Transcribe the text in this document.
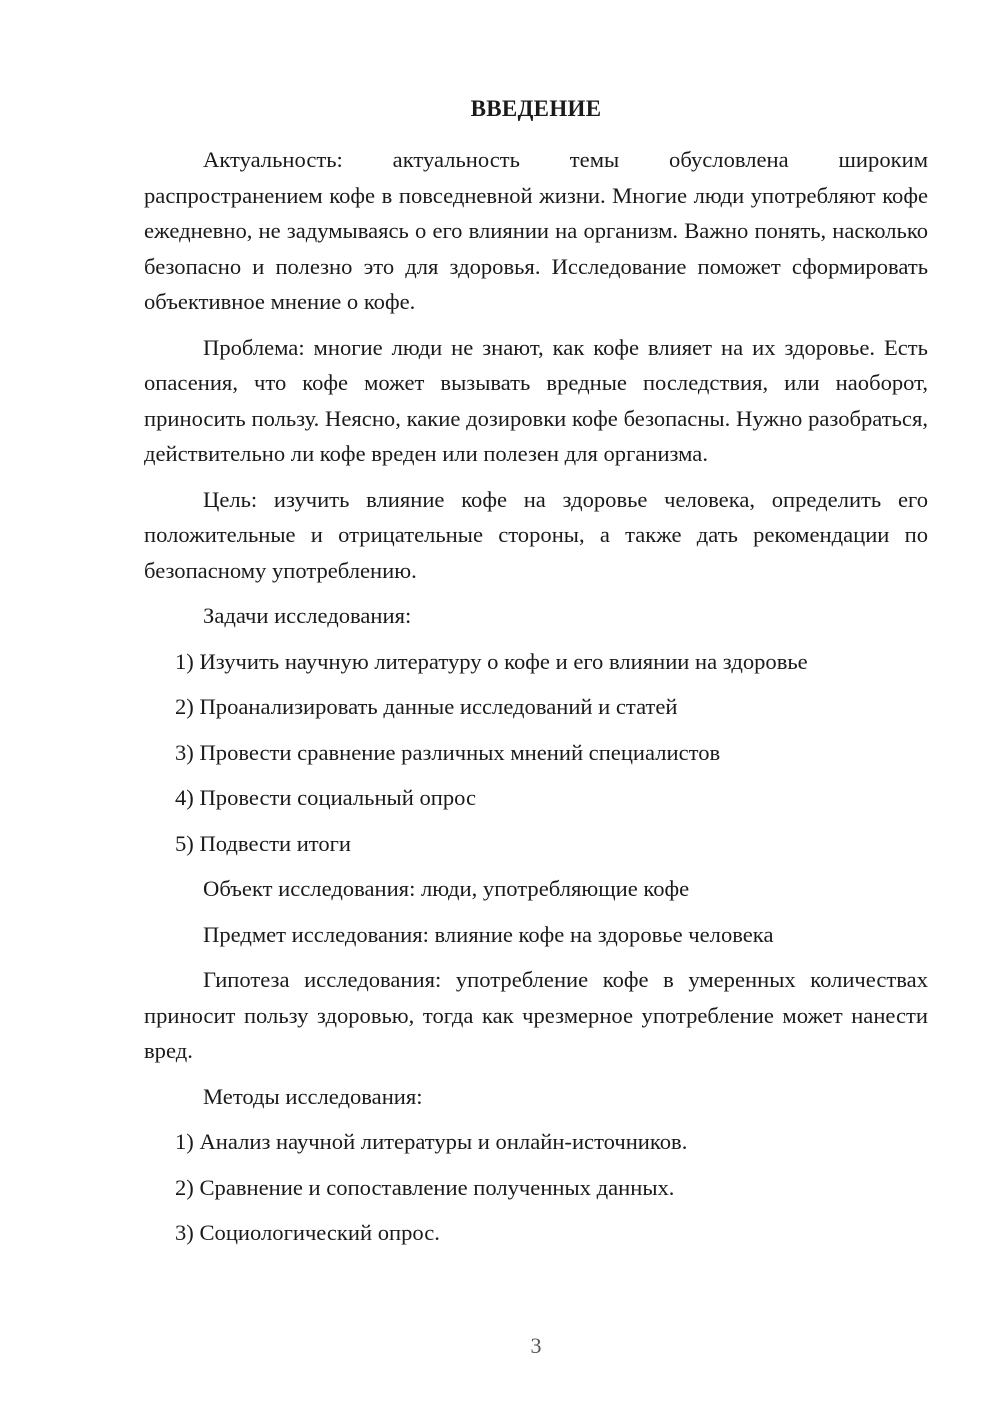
ВВЕДЕНИЕ

Актуальность: актуальность темы обусловлена широким распространением кофе в повседневной жизни. Многие люди употребляют кофе ежедневно, не задумываясь о его влиянии на организм. Важно понять, насколько безопасно и полезно это для здоровья. Исследование поможет сформировать объективное мнение о кофе.

Проблема: многие люди не знают, как кофе влияет на их здоровье. Есть опасения, что кофе может вызывать вредные последствия, или наоборот, приносить пользу. Неясно, какие дозировки кофе безопасны. Нужно разобраться, действительно ли кофе вреден или полезен для организма.

Цель: изучить влияние кофе на здоровье человека, определить его положительные и отрицательные стороны, а также дать рекомендации по безопасному употреблению.

Задачи исследования:

1) Изучить научную литературу о кофе и его влиянии на здоровье

2) Проанализировать данные исследований и статей

3) Провести сравнение различных мнений специалистов

4) Провести социальный опрос

5) Подвести итоги

Объект исследования: люди, употребляющие кофе

Предмет исследования: влияние кофе на здоровье человека

Гипотеза исследования: употребление кофе в умеренных количествах приносит пользу здоровью, тогда как чрезмерное употребление может нанести вред.

Методы исследования:

1) Анализ научной литературы и онлайн-источников.

2) Сравнение и сопоставление полученных данных.

3) Социологический опрос.

3
